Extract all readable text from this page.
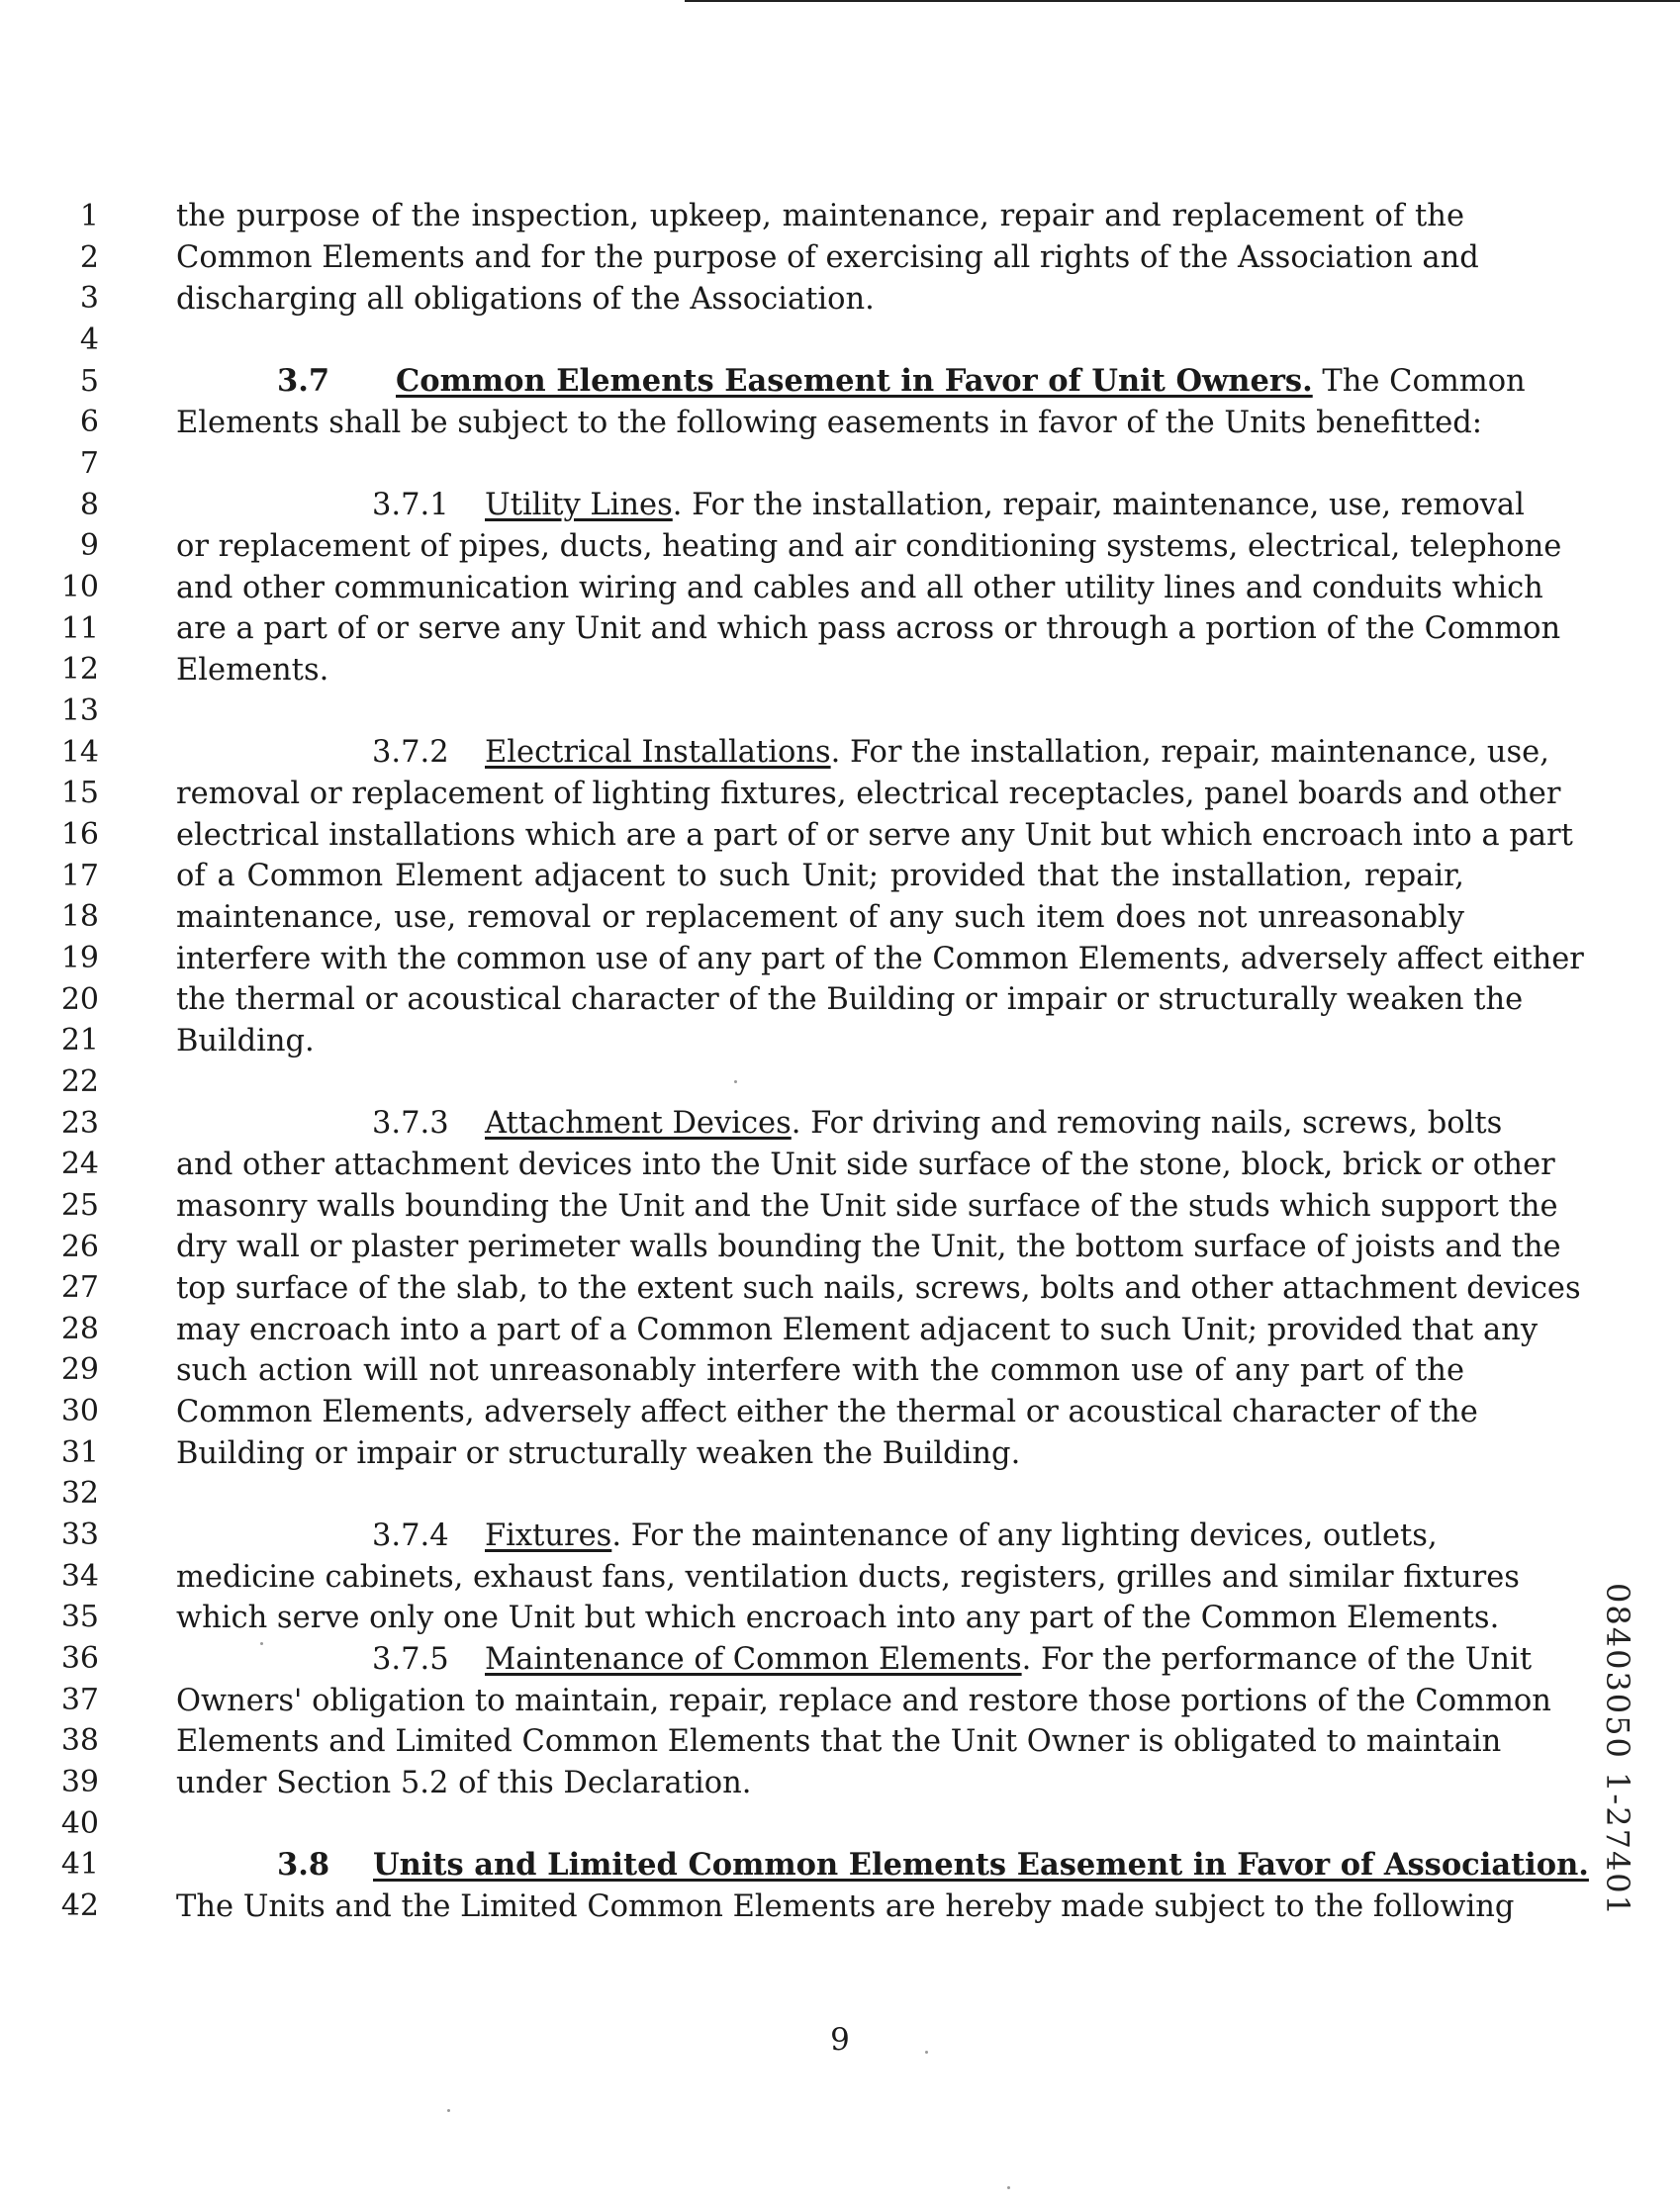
1
2
3
4
5
6
7
8
9
10
11
12
13
14
15
16
17
18
19
20
21
22
23
24
25
26
27
28
29
30
31
32
33
34
35
36
37
38
39
40
41
42
the purpose of the inspection, upkeep, maintenance, repair and replacement of the
Common Elements and for the purpose of exercising all rights of the Association and
discharging all obligations of the Association.
3.7 Common Elements Easement in Favor of Unit Owners. The Common
Elements shall be subject to the following easements in favor of the Units benefitted:
3.7.1 Utility Lines. For the installation, repair, maintenance, use, removal
or replacement of pipes, ducts, heating and air conditioning systems, electrical, telephone
and other communication wiring and cables and all other utility lines and conduits which
are a part of or serve any Unit and which pass across or through a portion of the Common
Elements.
3.7.2 Electrical Installations. For the installation, repair, maintenance, use,
removal or replacement of lighting fixtures, electrical receptacles, panel boards and other
electrical installations which are a part of or serve any Unit but which encroach into a part
of a Common Element adjacent to such Unit; provided that the installation, repair,
maintenance, use, removal or replacement of any such item does not unreasonably
interfere with the common use of any part of the Common Elements, adversely affect either
the thermal or acoustical character of the Building or impair or structurally weaken the
Building.
3.7.3 Attachment Devices. For driving and removing nails, screws, bolts
and other attachment devices into the Unit side surface of the stone, block, brick or other
masonry walls bounding the Unit and the Unit side surface of the studs which support the
dry wall or plaster perimeter walls bounding the Unit, the bottom surface of joists and the
top surface of the slab, to the extent such nails, screws, bolts and other attachment devices
may encroach into a part of a Common Element adjacent to such Unit; provided that any
such action will not unreasonably interfere with the common use of any part of the
Common Elements, adversely affect either the thermal or acoustical character of the
Building or impair or structurally weaken the Building.
3.7.4 Fixtures. For the maintenance of any lighting devices, outlets,
medicine cabinets, exhaust fans, ventilation ducts, registers, grilles and similar fixtures
which serve only one Unit but which encroach into any part of the Common Elements.
3.7.5 Maintenance of Common Elements. For the performance of the Unit
Owners' obligation to maintain, repair, replace and restore those portions of the Common
Elements and Limited Common Elements that the Unit Owner is obligated to maintain
under Section 5.2 of this Declaration.
3.8 Units and Limited Common Elements Easement in Favor of Association.
The Units and the Limited Common Elements are hereby made subject to the following
9
08403050 1-27401
